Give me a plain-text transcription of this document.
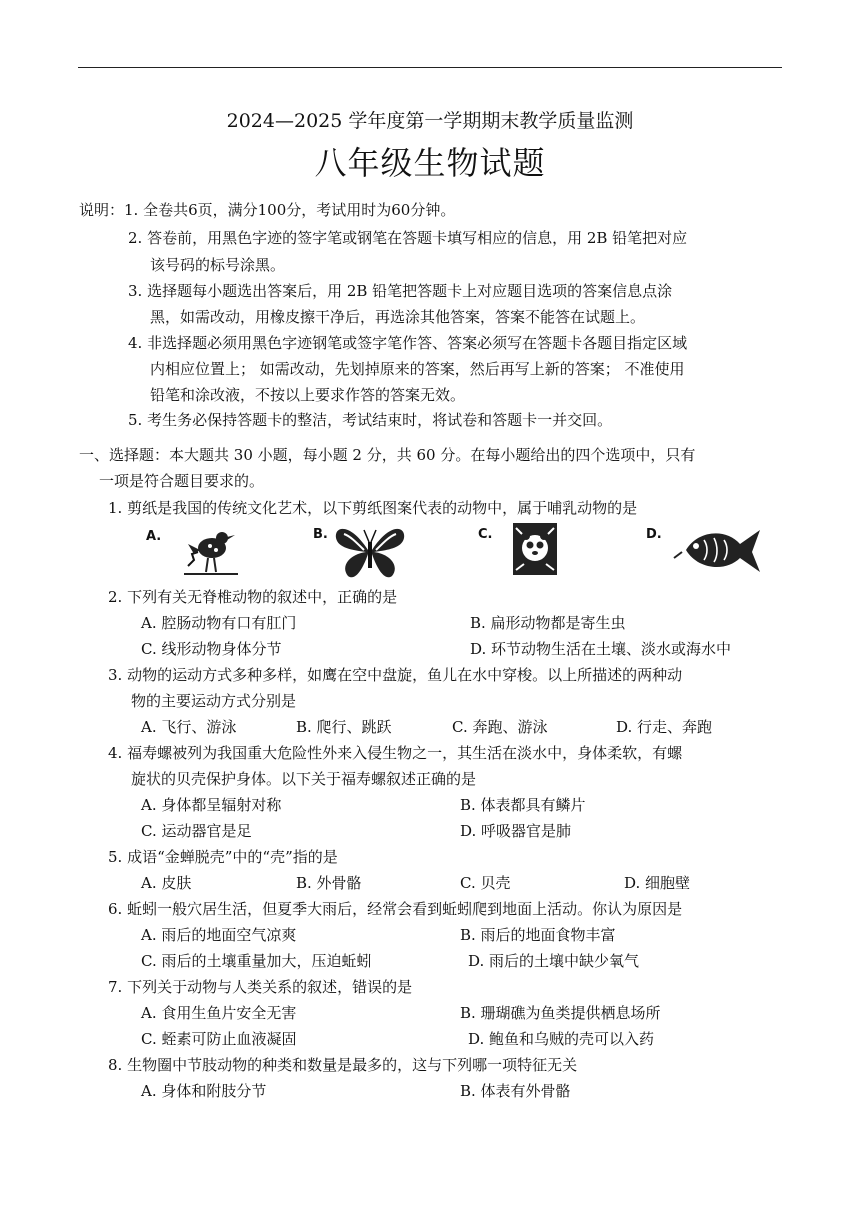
2024—2025 学年度第一学期期末教学质量监测
八年级生物试题
说明：1. 全卷共6页，满分100分，考试用时为60分钟。
2. 答卷前，用黑色字迹的签字笔或钢笔在答题卡填写相应的信息，用 2B 铅笔把对应
该号码的标号涂黑。
3. 选择题每小题选出答案后，用 2B 铅笔把答题卡上对应题目选项的答案信息点涂
黑，如需改动，用橡皮擦干净后，再选涂其他答案，答案不能答在试题上。
4. 非选择题必须用黑色字迹钢笔或签字笔作答、答案必须写在答题卡各题目指定区域
内相应位置上； 如需改动，先划掉原来的答案，然后再写上新的答案； 不准使用
铅笔和涂改液，不按以上要求作答的答案无效。
5. 考生务必保持答题卡的整洁，考试结束时，将试卷和答题卡一并交回。
一、选择题：本大题共 30 小题，每小题 2 分，共 60 分。在每小题给出的四个选项中，只有
一项是符合题目要求的。
1. 剪纸是我国的传统文化艺术，以下剪纸图案代表的动物中，属于哺乳动物的是
A.	B.	C.	D.
2. 下列有关无脊椎动物的叙述中，正确的是
A. 腔肠动物有口有肛门	B. 扁形动物都是寄生虫
C. 线形动物身体分节	D. 环节动物生活在土壤、淡水或海水中
3. 动物的运动方式多种多样，如鹰在空中盘旋，鱼儿在水中穿梭。以上所描述的两种动
物的主要运动方式分别是
A. 飞行、游泳	B. 爬行、跳跃	C. 奔跑、游泳	D. 行走、奔跑
4. 福寿螺被列为我国重大危险性外来入侵生物之一，其生活在淡水中，身体柔软，有螺
旋状的贝壳保护身体。以下关于福寿螺叙述正确的是
A. 身体都呈辐射对称	B. 体表都具有鳞片
C. 运动器官是足	D. 呼吸器官是肺
5. 成语“金蝉脱壳”中的“壳”指的是
A. 皮肤	B. 外骨骼	C. 贝壳	D. 细胞壁
6. 蚯蚓一般穴居生活，但夏季大雨后，经常会看到蚯蚓爬到地面上活动。你认为原因是
A. 雨后的地面空气凉爽	B. 雨后的地面食物丰富
C. 雨后的土壤重量加大，压迫蚯蚓	D. 雨后的土壤中缺少氧气
7. 下列关于动物与人类关系的叙述，错误的是
A. 食用生鱼片安全无害	B. 珊瑚礁为鱼类提供栖息场所
C. 蛭素可防止血液凝固	D. 鲍鱼和乌贼的壳可以入药
8. 生物圈中节肢动物的种类和数量是最多的，这与下列哪一项特征无关
A. 身体和附肢分节	B. 体表有外骨骼
